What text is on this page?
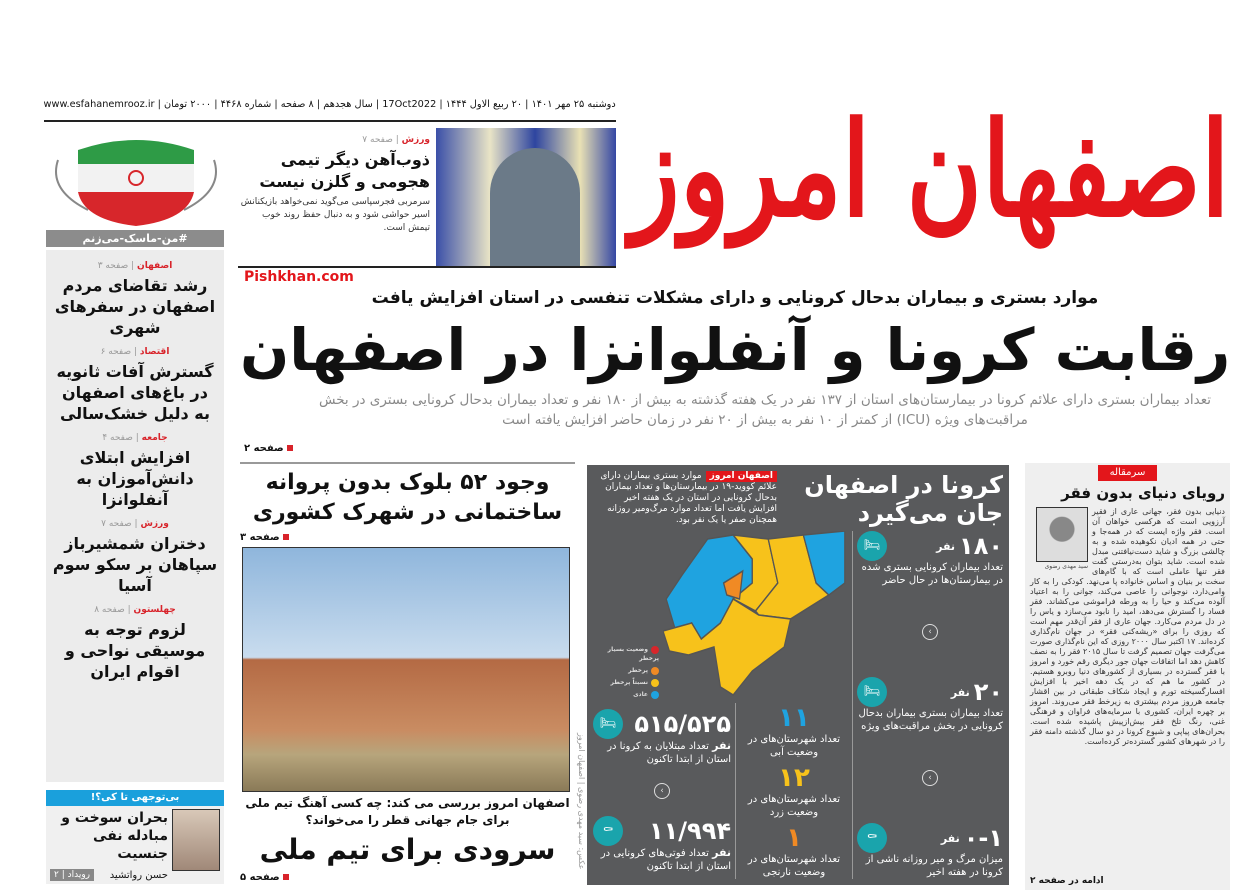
دوشنبه ۲۵ مهر ۱۴۰۱ | ۲۰ ربیع الاول ۱۴۴۴ | 17Oct2022 | سال هجدهم | ۸ صفحه | شماره ۴۴۶۸ | ۲۰۰۰ تومان | www.esfahanemrooz.ir اصفهان امروز
#من-ماسک-می‌زنم
اصفهان | صفحه ۳
رشد تقاضای مردم اصفهان در سفرهای شهری
اقتصاد | صفحه ۶
گسترش آفات ثانویه در باغ‌های اصفهان به دلیل خشک‌سالی
جامعه | صفحه ۴
افزایش ابتلای دانش‌آموزان به آنفلوانزا
ورزش | صفحه ۷
دختران شمشیرباز سپاهان بر سکو سوم آسیا
چهلستون | صفحه ۸
لزوم توجه به موسیقی نواحی و اقوام ایران
بی‌توجهی تا کی؟!
بحران سوخت و مبادله نفی جنسیت
حسن رواتشید
رویداد | ۲
ورزش | صفحه ۷
ذوب‌آهن دیگر تیمی هجومی و گلزن نیست
سرمربی فجرسپاسی می‌گوید نمی‌خواهد بازیکنانش اسیر حواشی شود و به دنبال حفظ روند خوب تیمش است.
Pishkhan.com
موارد بستری و بیماران بدحال کرونایی و دارای مشکلات تنفسی در استان افزایش یافت
رقابت کرونا و آنفلوانزا در اصفهان
تعداد بیماران بستری دارای علائم کرونا در بیمارستان‌های استان از ۱۳۷ نفر در یک هفته گذشته به بیش از ۱۸۰ نفر و تعداد بیماران بدحال کرونایی بستری در بخش مراقبت‌های ویژه (ICU) از کمتر از ۱۰ نفر به بیش از ۲۰ نفر در زمان حاضر افزایش یافته است
صفحه ۲
وجود ۵۲ بلوک بدون پروانه ساختمانی در شهرک کشوری
صفحه ۳
اصفهان امروز بررسی می کند: چه کسی آهنگ تیم ملی برای جام جهانی قطر را می‌خواند؟
سرودی برای تیم ملی
صفحه ۵
عکس: سید مهدی رضوی | اصفهان امروز
اصفهان امروزموارد بستری بیماران دارای علائم کووید-۱۹ در بیمارستان‌ها و تعداد بیماران بدحال کرونایی در استان در یک هفته اخیر افزایش یافت اما تعداد موارد مرگ‌ومیر روزانه همچنان صفر یا یک نفر بود.
کرونا در اصفهان جان می‌گیرد
وضعیت بسیار پرخطر
پرخطر
نسبتاً پرخطر
عادی
۵۱۵/۵۲۵
🛏
نفر تعداد مبتلایان به کرونا در استان از ابتدا تاکنون
‹
۱۱/۹۹۴
⚰
نفر تعداد فوتی‌های کرونایی در استان از ابتدا تاکنون
۱۱
تعداد شهرستان‌های در وضعیت آبی
۱۲
تعداد شهرستان‌های در وضعیت زرد
۱
تعداد شهرستان‌های در وضعیت نارنجی
۱۸۰
نفر
🛏
تعداد بیماران کرونایی بستری شده در بیمارستان‌ها در حال حاضر
‹
۲۰
نفر
🛏
تعداد بیماران بستری بیماران بدحال کرونایی در بخش مراقبت‌های ویژه
‹
۰-۱
نفر
⚰
میزان مرگ و میر روزانه ناشی از کرونا در هفته اخیر
سرمقاله
رویای دنیای بدون فقر
سید مهدی رضوی
دنیایی بدون فقر، جهانی عاری از فقیر آرزویی است که هرکسی خواهان آن است. فقر واژه ایست که در همه‌جا و حتی در همه ادیان نکوهیده شده و به چالشی بزرگ و شاید دست‌نیافتنی مبدل شده است. شاید بتوان به‌درستی گفت فقر تنها عاملی است که با گام‌های سخت بر بنیان و اساس خانواده پا می‌نهد. کودکی را به کار وامی‌دارد، نوجوانی را عاصی می‌کند، جوانی را به اعتیاد آلوده می‌کند و حیا را به ورطه فراموشی می‌کشاند. فقر فساد را گسترش می‌دهد، امید را نابود می‌سازد و یاس را در دل مردم می‌کارد. جهان عاری از فقر آن‌قدر مهم است که روزی را برای «ریشه‌کنی فقر» در جهان نام‌گذاری کرده‌اند. ۱۷ اکتبر سال ۲۰۰۰ روزی که این نام‌گذاری صورت می‌گرفت جهان تصمیم گرفت تا سال ۲۰۱۵ فقر را به نصف کاهش دهد اما اتفاقات جهان جور دیگری رقم خورد و امروز با فقر گسترده در بسیاری از کشورهای دنیا روبرو هستیم. در کشور ما هم که در یک دهه اخیر با افزایش افسارگسیخته تورم و ایجاد شکاف طبقاتی در بین اقشار جامعه هرروز مردم بیشتری به زیرخط فقر می‌روند. امروز بر چهره ایران، کشوری با سرمایه‌های فراوان و فرهنگی غنی، رنگ تلخ فقر بیش‌ازپیش پاشیده شده است. بحران‌های پیاپی و شیوع کرونا در دو سال گذشته دامنه فقر را در شهرهای کشور گسترده‌تر کرده‌است.
ادامه در صفحه ۲
